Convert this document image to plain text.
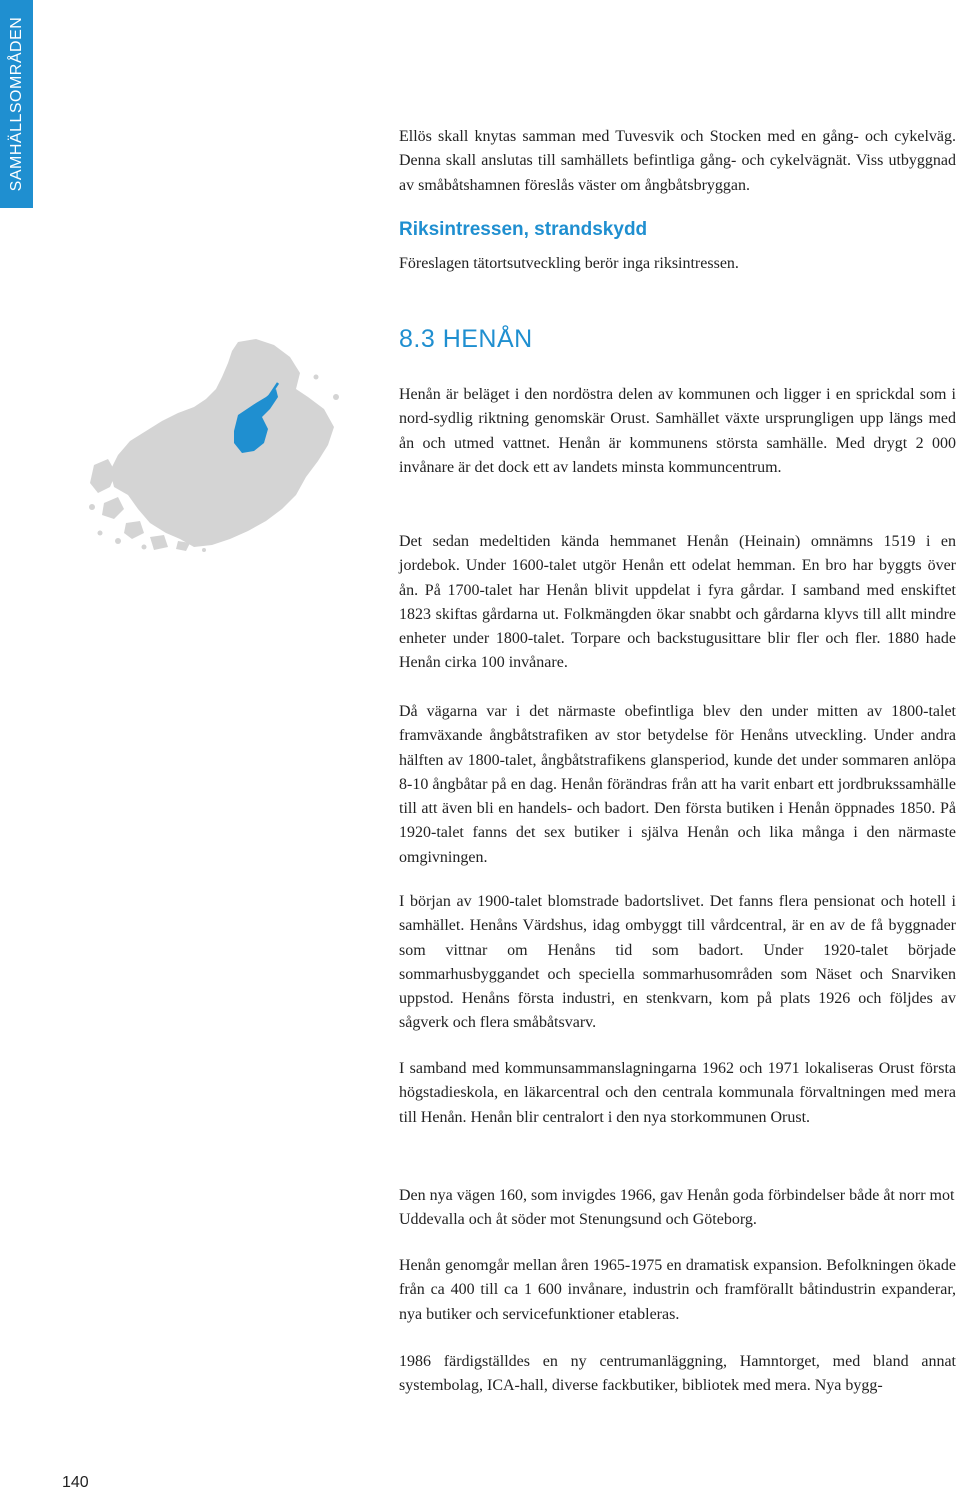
SAMHÄLLSOMRÅDEN	Ellös skall knytas samman med Tuvesvik och Stocken med en gång- och cykelväg. Denna skall anslutas till samhällets befintliga gång- och cykelvägnät. Viss utbyggnad av småbåtshamnen föreslås väster om ångbåtsbryggan.

Riksintressen, strandskydd

Föreslagen tätortsutveckling berör inga riksintressen.

8.3 HENÅN

Henån är beläget i den nordöstra delen av kommunen och ligger i en sprickdal som i nord-sydlig riktning genomskär Orust. Samhället växte ursprungligen upp längs med ån och utmed vattnet. Henån är kommunens största samhälle. Med drygt 2 000 invånare är det dock ett av landets minsta kommuncentrum.

Det sedan medeltiden kända hemmanet Henån (Heinain) omnämns 1519 i en jordebok. Under 1600-talet utgör Henån ett odelat hemman. En bro har byggts över ån. På 1700-talet har Henån blivit uppdelat i fyra gårdar. I samband med enskiftet 1823 skiftas gårdarna ut. Folkmängden ökar snabbt och gårdarna klyvs till allt mindre enheter under 1800-talet. Torpare och backstugusittare blir fler och fler. 1880 hade Henån cirka 100 invånare.

Då vägarna var i det närmaste obefintliga blev den under mitten av 1800-talet framväxande ångbåtstrafiken av stor betydelse för Henåns utveckling. Under andra hälften av 1800-talet, ångbåtstrafikens glansperiod, kunde det under sommaren anlöpa 8-10 ångbåtar på en dag. Henån förändras från att ha varit enbart ett jordbrukssamhälle till att även bli en handels- och badort. Den första butiken i Henån öppnades 1850. På 1920-talet fanns det sex butiker i själva Henån och lika många i den närmaste omgivningen.

I början av 1900-talet blomstrade badortslivet. Det fanns flera pensionat och hotell i samhället. Henåns Värdshus, idag ombyggt till vårdcentral, är en av de få byggnader som vittnar om Henåns tid som badort. Under 1920-talet började sommarhusbyggandet och speciella sommarhusområden som Näset och Snarviken uppstod. Henåns första industri, en stenkvarn, kom på plats 1926 och följdes av sågverk och flera småbåtsvarv.

I samband med kommunsammanslagningarna 1962 och 1971 lokaliseras Orust första högstadieskola, en läkarcentral och den centrala kommunala förvaltningen med mera till Henån. Henån blir centralort i den nya storkommunen Orust.

Den nya vägen 160, som invigdes 1966, gav Henån goda förbindelser både åt norr mot Uddevalla och åt söder mot Stenungsund och Göteborg.

Henån genomgår mellan åren 1965-1975 en dramatisk expansion. Befolkningen ökade från ca 400 till ca 1 600 invånare, industrin och framförallt båtindustrin expanderar, nya butiker och servicefunktioner etableras.

1986 färdigställdes en ny centrumanläggning, Hamntorget, med bland annat systembolag, ICA-hall, diverse fackbutiker, bibliotek med mera. Nya bygg-

140
